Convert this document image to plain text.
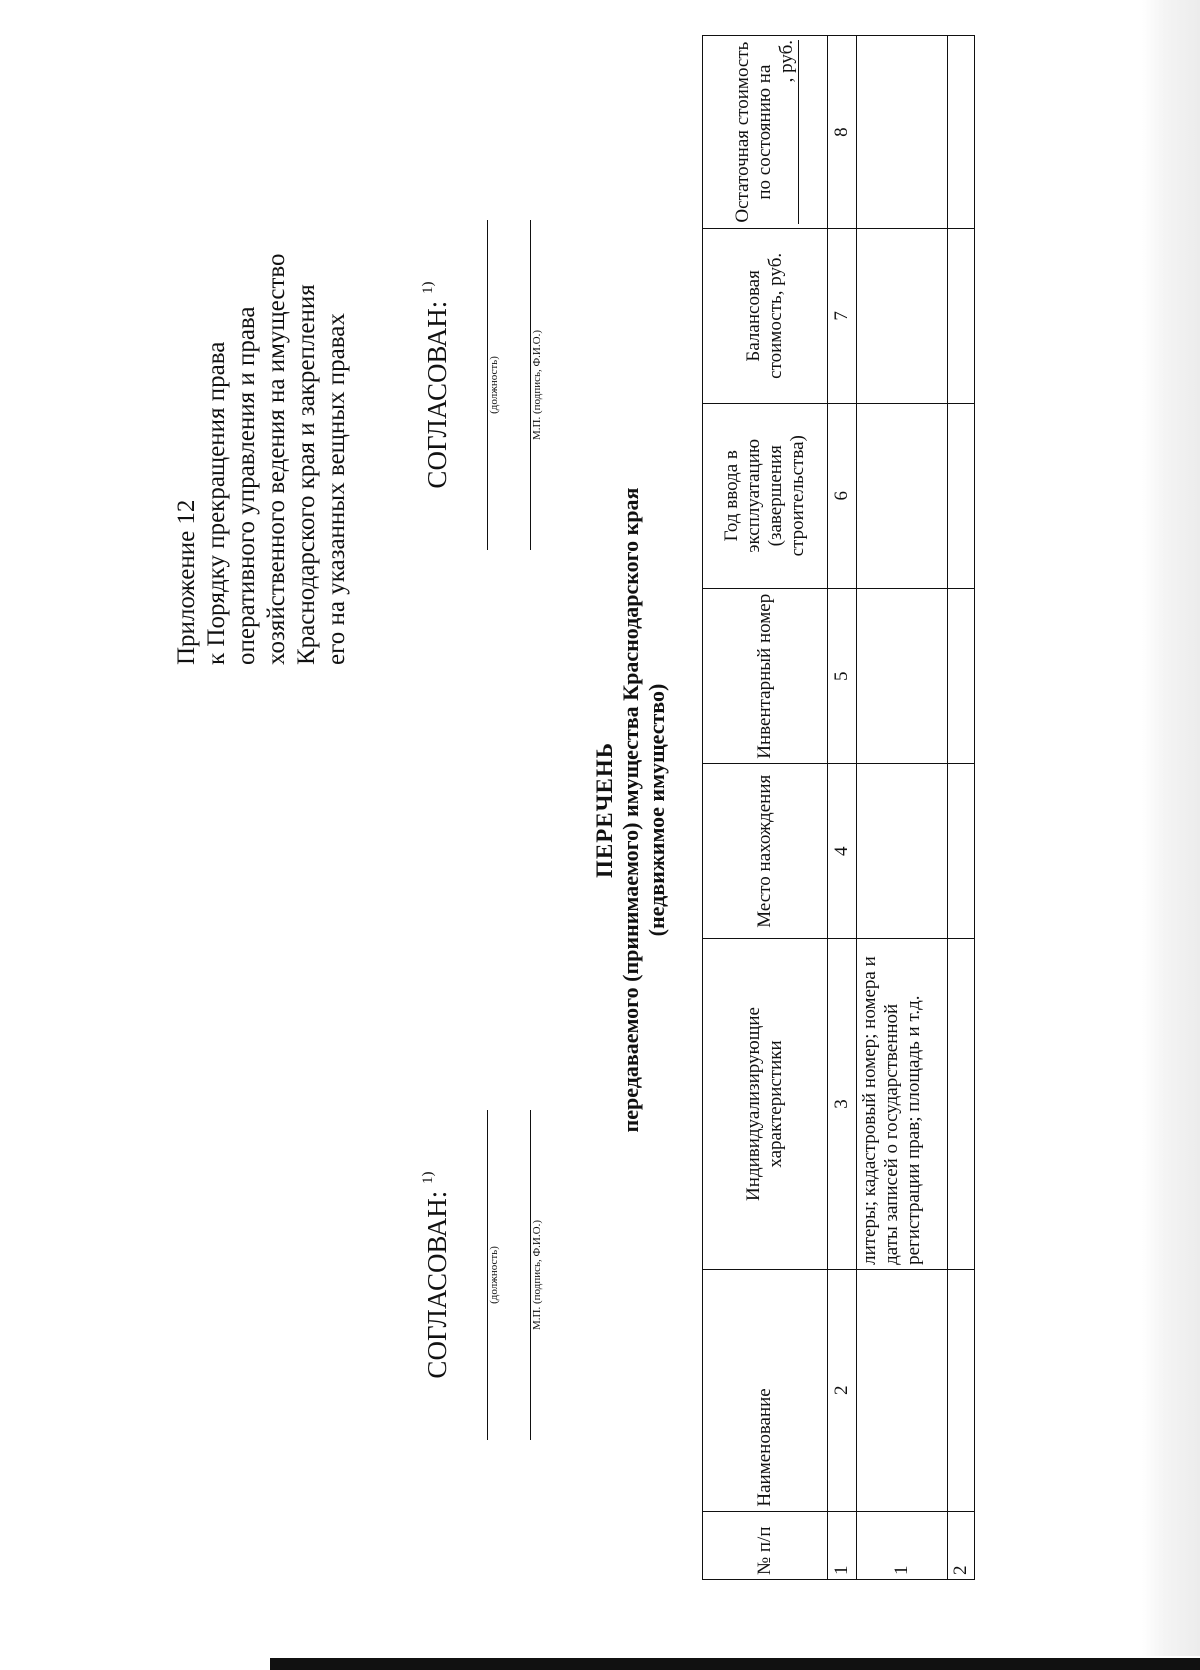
Приложение 12 к Порядку прекращения права оперативного управления и права хозяйственного ведения на имущество Краснодарского края и закрепления его на указанных вещных правах
СОГЛАСОВАН: $^{1)}$
(должность)	М.П. (подпись, Ф.И.О.)
СОГЛАСОВАН: $^{1)}$
(должность)	М.П. (подпись, Ф.И.О.)
ПЕРЕЧЕНЬ передаваемого (принимаемого) имущества Краснодарского края (недвижимое имущество)
№ п/п	Наименование	Индивидуализирующие характеристики	Место нахождения	Инвентарный номер	Год ввода в эксплуатацию (завершения строительства)	Балансовая стоимость, руб.	Остаточная стоимость по состоянию на
, руб.

1	2	3	4	5	6	7	8
1		литеры; кадастровый номер; номера и даты записей о государственной регистрации прав; площадь и т.д.					
2							
